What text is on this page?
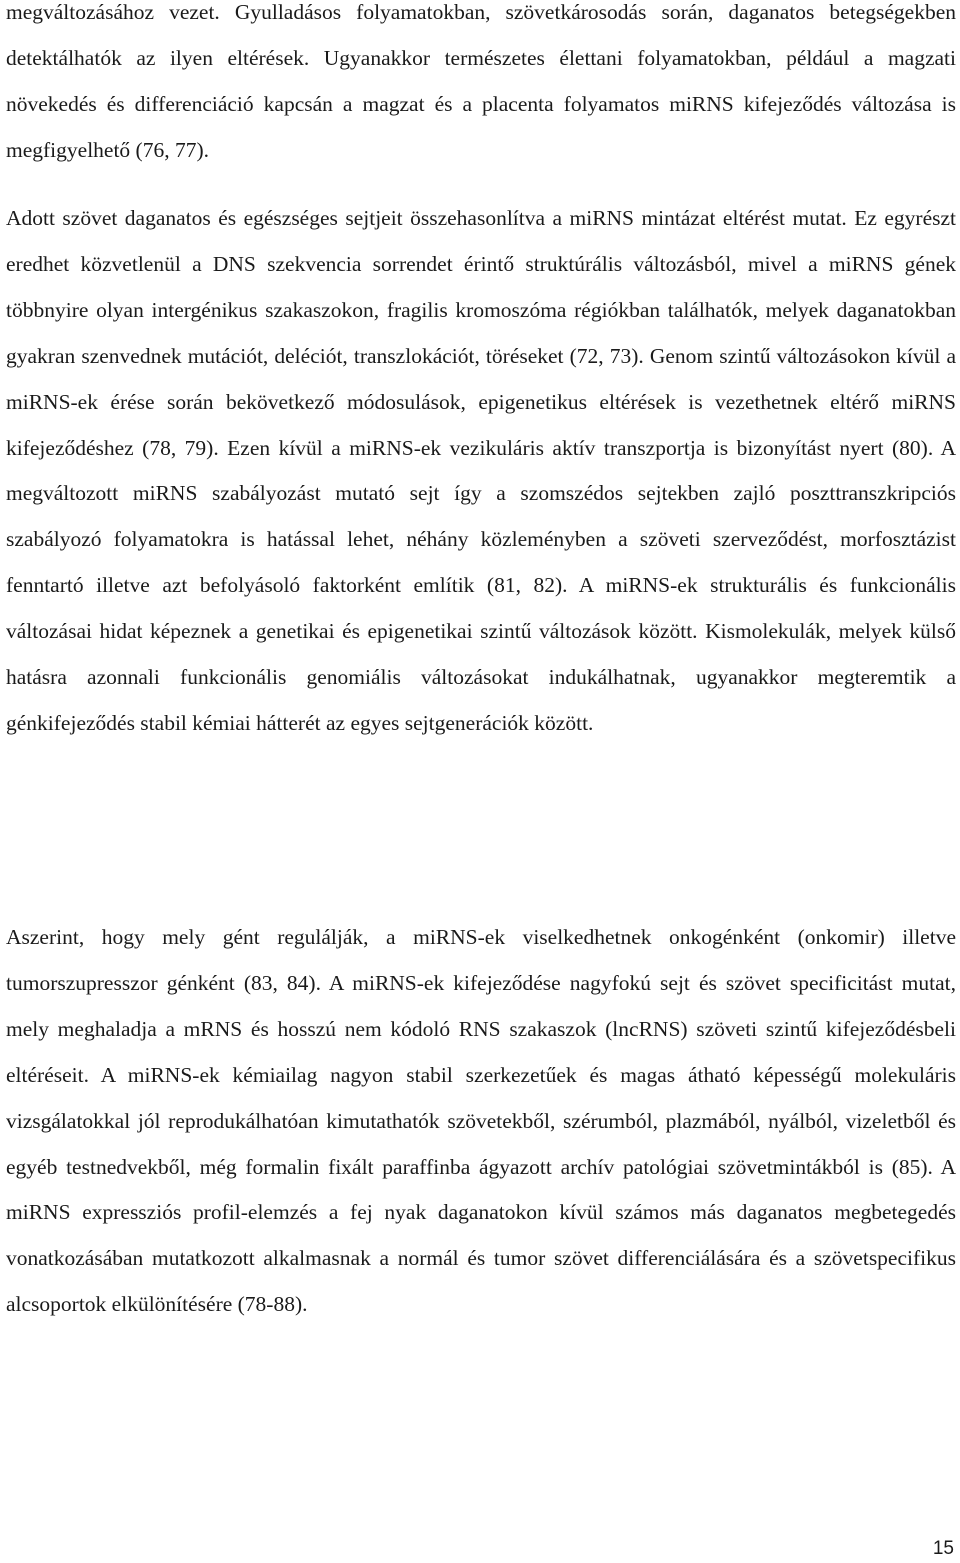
megváltozásához vezet. Gyulladásos folyamatokban, szövetkárosodás során, daganatos betegségekben detektálhatók az ilyen eltérések. Ugyanakkor természetes élettani folyamatokban, például a magzati növekedés és differenciáció kapcsán a magzat és a placenta folyamatos miRNS kifejeződés változása is megfigyelhető (76, 77).
Adott szövet daganatos és egészséges sejtjeit összehasonlítva a miRNS mintázat eltérést mutat. Ez egyrészt eredhet közvetlenül a DNS szekvencia sorrendet érintő struktúrális változásból, mivel a miRNS gének többnyire olyan intergénikus szakaszokon, fragilis kromoszóma régiókban találhatók, melyek daganatokban gyakran szenvednek mutációt, deléciót, transzlokációt, töréseket (72, 73). Genom szintű változásokon kívül a miRNS-ek érése során bekövetkező módosulások, epigenetikus eltérések is vezethetnek eltérő miRNS kifejeződéshez (78, 79). Ezen kívül a miRNS-ek vezikuláris aktív transzportja is bizonyítást nyert (80). A megváltozott miRNS szabályozást mutató sejt így a szomszédos sejtekben zajló poszttranszkripciós szabályozó folyamatokra is hatással lehet, néhány közleményben a szöveti szerveződést, morfosztázist fenntartó illetve azt befolyásoló faktorként említik (81, 82). A miRNS-ek strukturális és funkcionális változásai hidat képeznek a genetikai és epigenetikai szintű változások között. Kismolekulák, melyek külső hatásra azonnali funkcionális genomiális változásokat indukálhatnak, ugyanakkor megteremtik a génkifejeződés stabil kémiai hátterét az egyes sejtgenerációk között.
Aszerint, hogy mely gént regulálják, a miRNS-ek viselkedhetnek onkogénként (onkomir) illetve tumorszupresszor génként (83, 84). A miRNS-ek kifejeződése nagyfokú sejt és szövet specificitást mutat, mely meghaladja a mRNS és hosszú nem kódoló RNS szakaszok (lncRNS) szöveti szintű kifejeződésbeli eltéréseit. A miRNS-ek kémiailag nagyon stabil szerkezetűek és magas átható képességű molekuláris vizsgálatokkal jól reprodukálhatóan kimutathatók szövetekből, szérumból, plazmából, nyálból, vizeletből és egyéb testnedvekből, még formalin fixált paraffinba ágyazott archív patológiai szövetmintákból is (85). A miRNS expressziós profil-elemzés a fej nyak daganatokon kívül számos más daganatos megbetegedés vonatkozásában mutatkozott alkalmasnak a normál és tumor szövet differenciálására és a szövetspecifikus alcsoportok elkülönítésére (78-88).
15
